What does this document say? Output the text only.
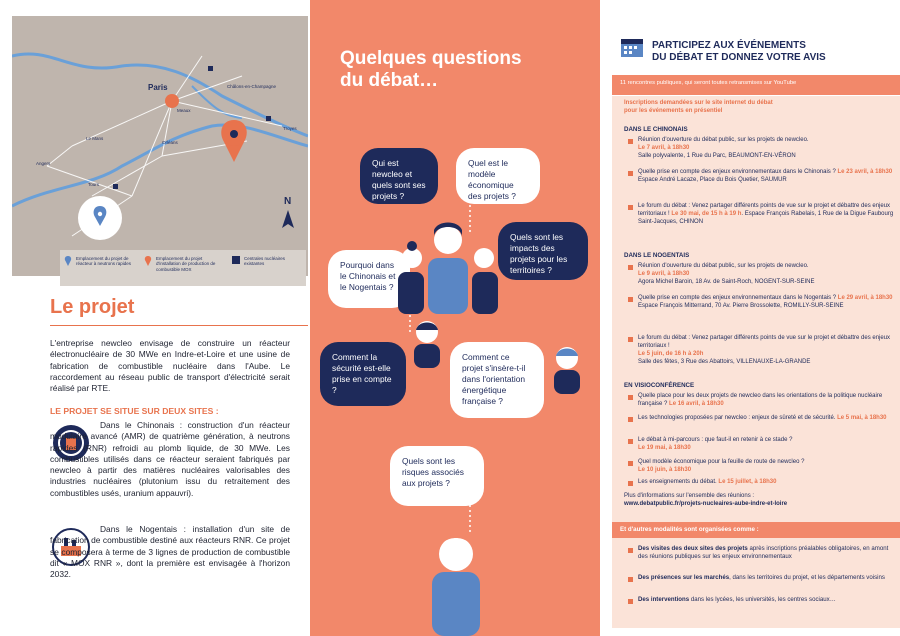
Paris
Meaux
Châlons-en-Champagne
Troyes
Orléans
Le Mans
Angers
Tours
N
Emplacement du projet de réacteur à neutrons rapides
Emplacement du projet d'installation de production de combustible MOX
Centrales nucléaires existantes
Le projet
L'entreprise newcleo envisage de construire un réacteur électronucléaire de 30 MWe en Indre-et-Loire et une usine de fabrication de combustible nucléaire dans l'Aube. Le raccordement au réseau public de transport d'électricité serait réalisé par RTE.
LE PROJET SE SITUE SUR DEUX SITES :
Dans le Chinonais : construction d'un réacteur modulaire avancé (AMR) de quatrième génération, à neutrons rapides (RNR) refroidi au plomb liquide, de 30 MWe. Les combustibles utilisés dans ce réacteur seraient fabriqués par newcleo à partir des matières nucléaires valorisables des industries nucléaires (plutonium issu du retraitement des combustibles usés, uranium appauvri).
Dans le Nogentais : installation d'un site de fabrication de combustible destiné aux réacteurs RNR. Ce projet se composera à terme de 3 lignes de production de combustible dit « MOX RNR », dont la première est envisagée à l'horizon 2032.
Quelques questions
du débat…
Qui est newcleo et quels sont ses projets ?
Quel est le modèle économique des projets ?
Quels sont les impacts des projets pour les territoires ?
Pourquoi dans le Chinonais et le Nogentais ?
Comment la sécurité est-elle prise en compte ?
Comment ce projet s'insère-t-il dans l'orientation énergétique française ?
Quels sont les risques associés aux projets ?
PARTICIPEZ AUX ÉVÉNEMENTS
DU DÉBAT ET DONNEZ VOTRE AVIS
11 rencontres publiques, qui seront toutes retransmises sur YouTube
Inscriptions demandées sur le site internet du débat
pour les événements en présentiel
DANS LE CHINONAIS
Réunion d'ouverture du débat public, sur les projets de newcleo.
Le 7 avril, à 18h30
Salle polyvalente, 1 Rue du Parc, BEAUMONT-EN-VÉRON
Quelle prise en compte des enjeux environnementaux dans le Chinonais ? Le 23 avril, à 18h30
Espace André Lacaze, Place du Bois Quetier, SAUMUR
Le forum du débat : Venez partager différents points de vue sur le projet et débattre des enjeux territoriaux ! Le 30 mai, de 15 h à 19 h. Espace François Rabelais, 1 Rue de la Digue Faubourg Saint-Jacques, CHINON
DANS LE NOGENTAIS
Réunion d'ouverture du débat public, sur les projets de newcleo.
Le 9 avril, à 18h30
Agora Michel Baroin, 18 Av. de Saint-Roch, NOGENT-SUR-SEINE
Quelle prise en compte des enjeux environnementaux dans le Nogentais ? Le 29 avril, à 18h30
Espace François Mitterrand, 70 Av. Pierre Brossolette, ROMILLY-SUR-SEINE
Le forum du débat : Venez partager différents points de vue sur le projet et débattre des enjeux territoriaux !
Le 5 juin, de 16 h à 20h
Salle des fêtes, 3 Rue des Abattoirs, VILLENAUXE-LA-GRANDE
EN VISIOCONFÉRENCE
Quelle place pour les deux projets de newcleo dans les orientations de la politique nucléaire française ? Le 16 avril, à 18h30
Les technologies proposées par newcleo : enjeux de sûreté et de sécurité. Le 5 mai, à 18h30
Le débat à mi-parcours : que faut-il en retenir à ce stade ?
Le 19 mai, à 18h30
Quel modèle économique pour la feuille de route de newcleo ?
Le 10 juin, à 18h30
Les enseignements du débat. Le 15 juillet, à 18h30
Plus d'informations sur l'ensemble des réunions :
www.debatpublic.fr/projets-nucleaires-aube-indre-et-loire
Et d'autres modalités sont organisées comme :
Des visites des deux sites des projets après inscriptions préalables obligatoires, en amont des réunions publiques sur les enjeux environnementaux
Des présences sur les marchés, dans les territoires du projet, et les départements voisins
Des interventions dans les lycées, les universités, les centres sociaux…
